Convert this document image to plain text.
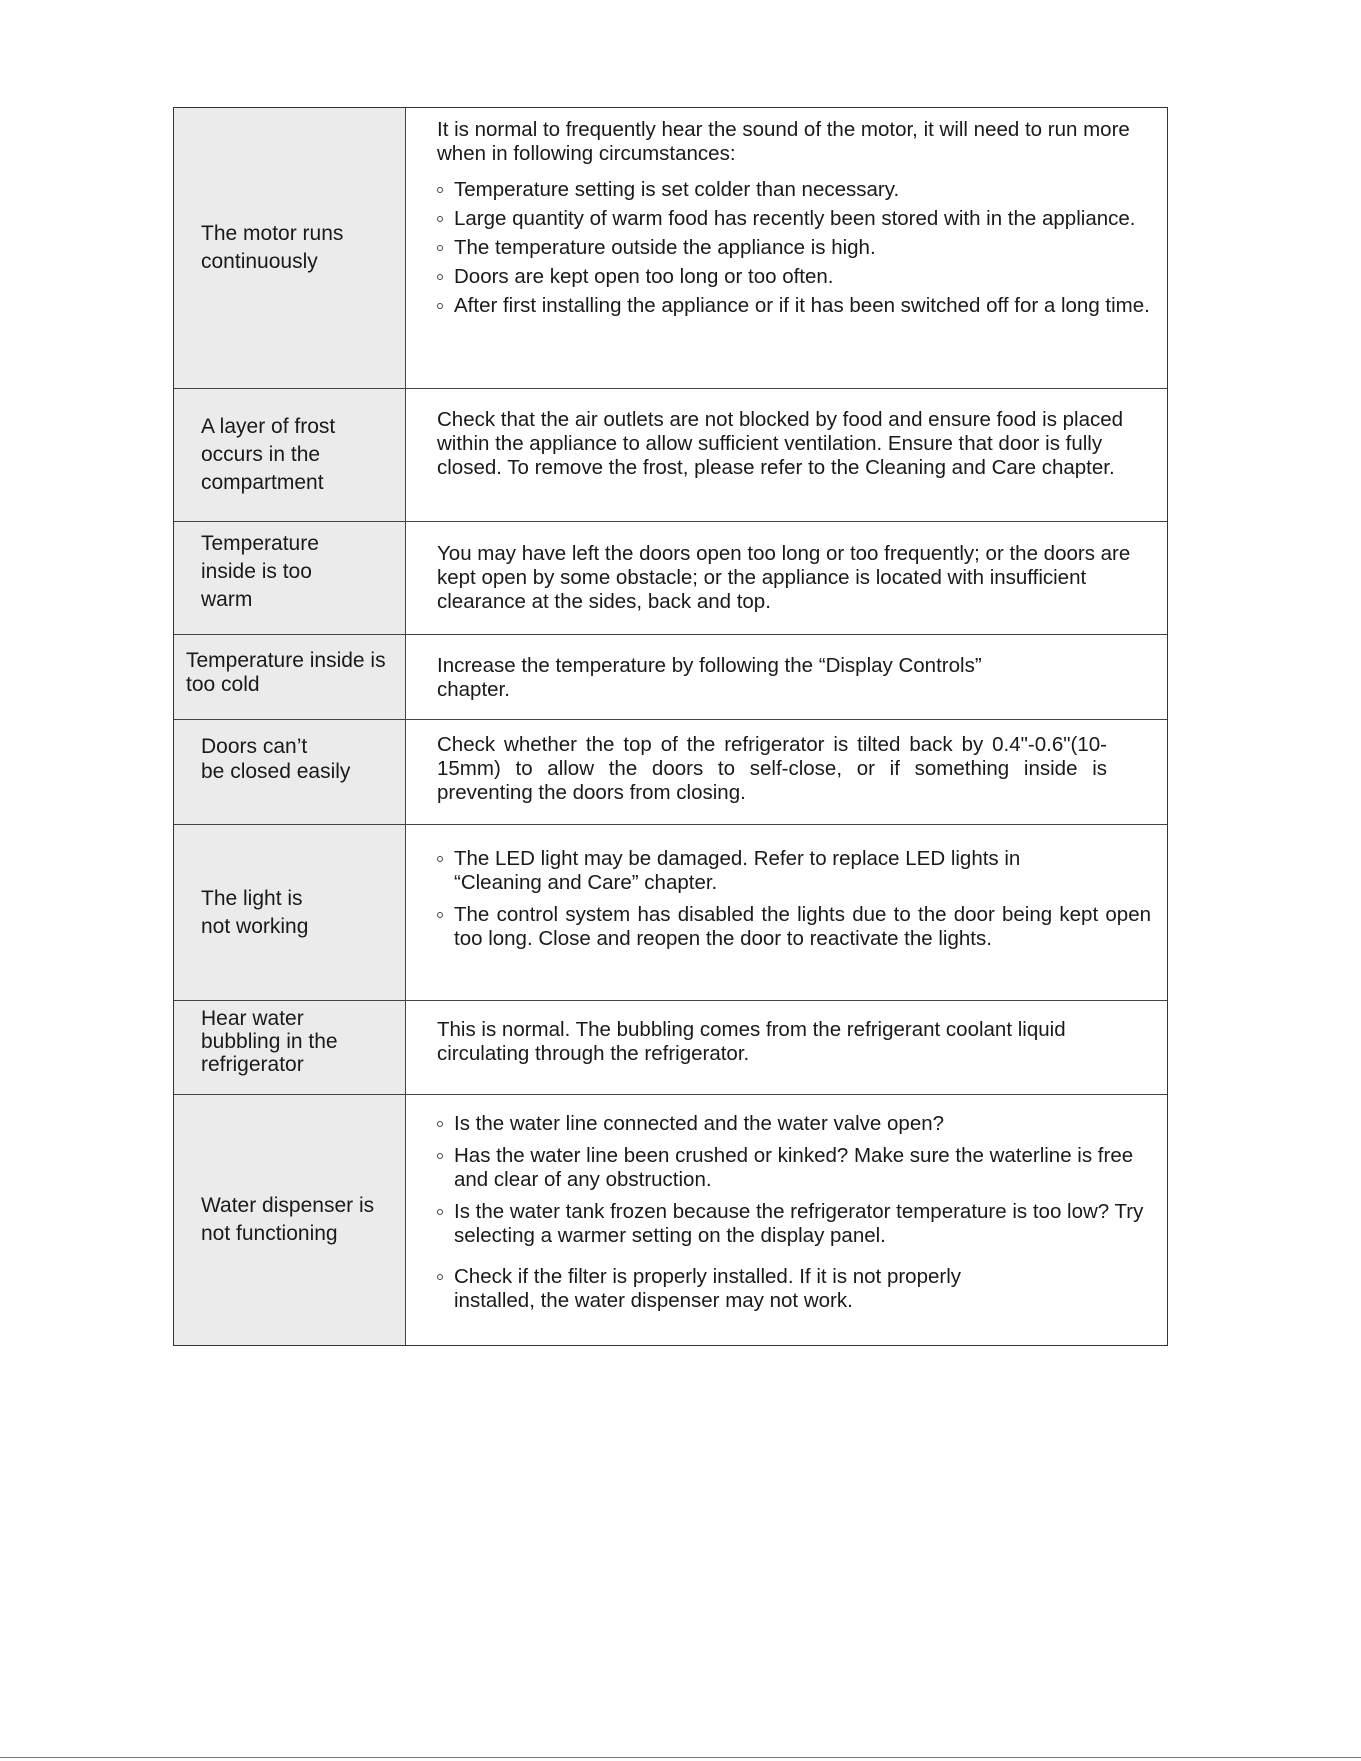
The motor runs
continuously

It is normal to frequently hear the sound of the motor, it will need to run more when in following circumstances:

Temperature setting is set colder than necessary.

Large quantity of warm food has recently been stored with in the appliance.

The temperature outside the appliance is high.

Doors are kept open too long or too often.

After first installing the appliance or if it has been switched off for a long time.

A layer of frost
occurs in the
compartment

Check that the air outlets are not blocked by food and ensure food is placed within the appliance to allow sufficient ventilation. Ensure that door is fully closed. To remove the frost, please refer to the Cleaning and Care chapter.

Temperature
inside is too
warm

You may have left the doors open too long or too frequently; or the doors are kept open by some obstacle; or the appliance is located with insufficient clearance at the sides, back and top.

Temperature inside is
too cold

Increase the temperature by following the “Display Controls” chapter.

Doors can’t
be closed easily

Check whether the top of the refrigerator is tilted back by 0.4"-0.6"(10-15mm) to allow the doors to self-close, or if something inside is preventing the doors from closing.

The light is
not working

The LED light may be damaged. Refer to replace LED lights in “Cleaning and Care” chapter.

The control system has disabled the lights due to the door being kept open too long. Close and reopen the door to reactivate the lights.

Hear water
bubbling in the
refrigerator

This is normal. The bubbling comes from the refrigerant coolant liquid circulating through the refrigerator.

Water dispenser is
not functioning

Is the water line connected and the water valve open?

Has the water line been crushed or kinked? Make sure the waterline is free and clear of any obstruction.

Is the water tank frozen because the refrigerator temperature is too low? Try selecting a warmer setting on the display panel.

Check if the filter is properly installed. If it is not properly installed, the water dispenser may not work.
